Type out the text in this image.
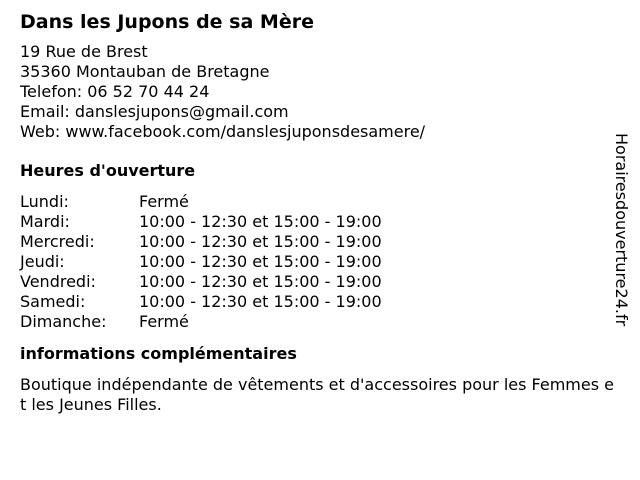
Dans les Jupons de sa Mère
19 Rue de Brest
35360 Montauban de Bretagne
Telefon: 06 52 70 44 24
Email: danslesjupons@gmail.com
Web: www.facebook.com/danslesjuponsdesamere/
Heures d'ouverture
Lundi:	Fermé
Mardi:	10:00 - 12:30 et 15:00 - 19:00
Mercredi:	10:00 - 12:30 et 15:00 - 19:00
Jeudi:	10:00 - 12:30 et 15:00 - 19:00
Vendredi:	10:00 - 12:30 et 15:00 - 19:00
Samedi:	10:00 - 12:30 et 15:00 - 19:00
Dimanche:	Fermé
informations complémentaires
Boutique indépendante de vêtements et d'accessoires pour les Femmes et les Jeunes Filles.
Horairesdouverture24.fr
